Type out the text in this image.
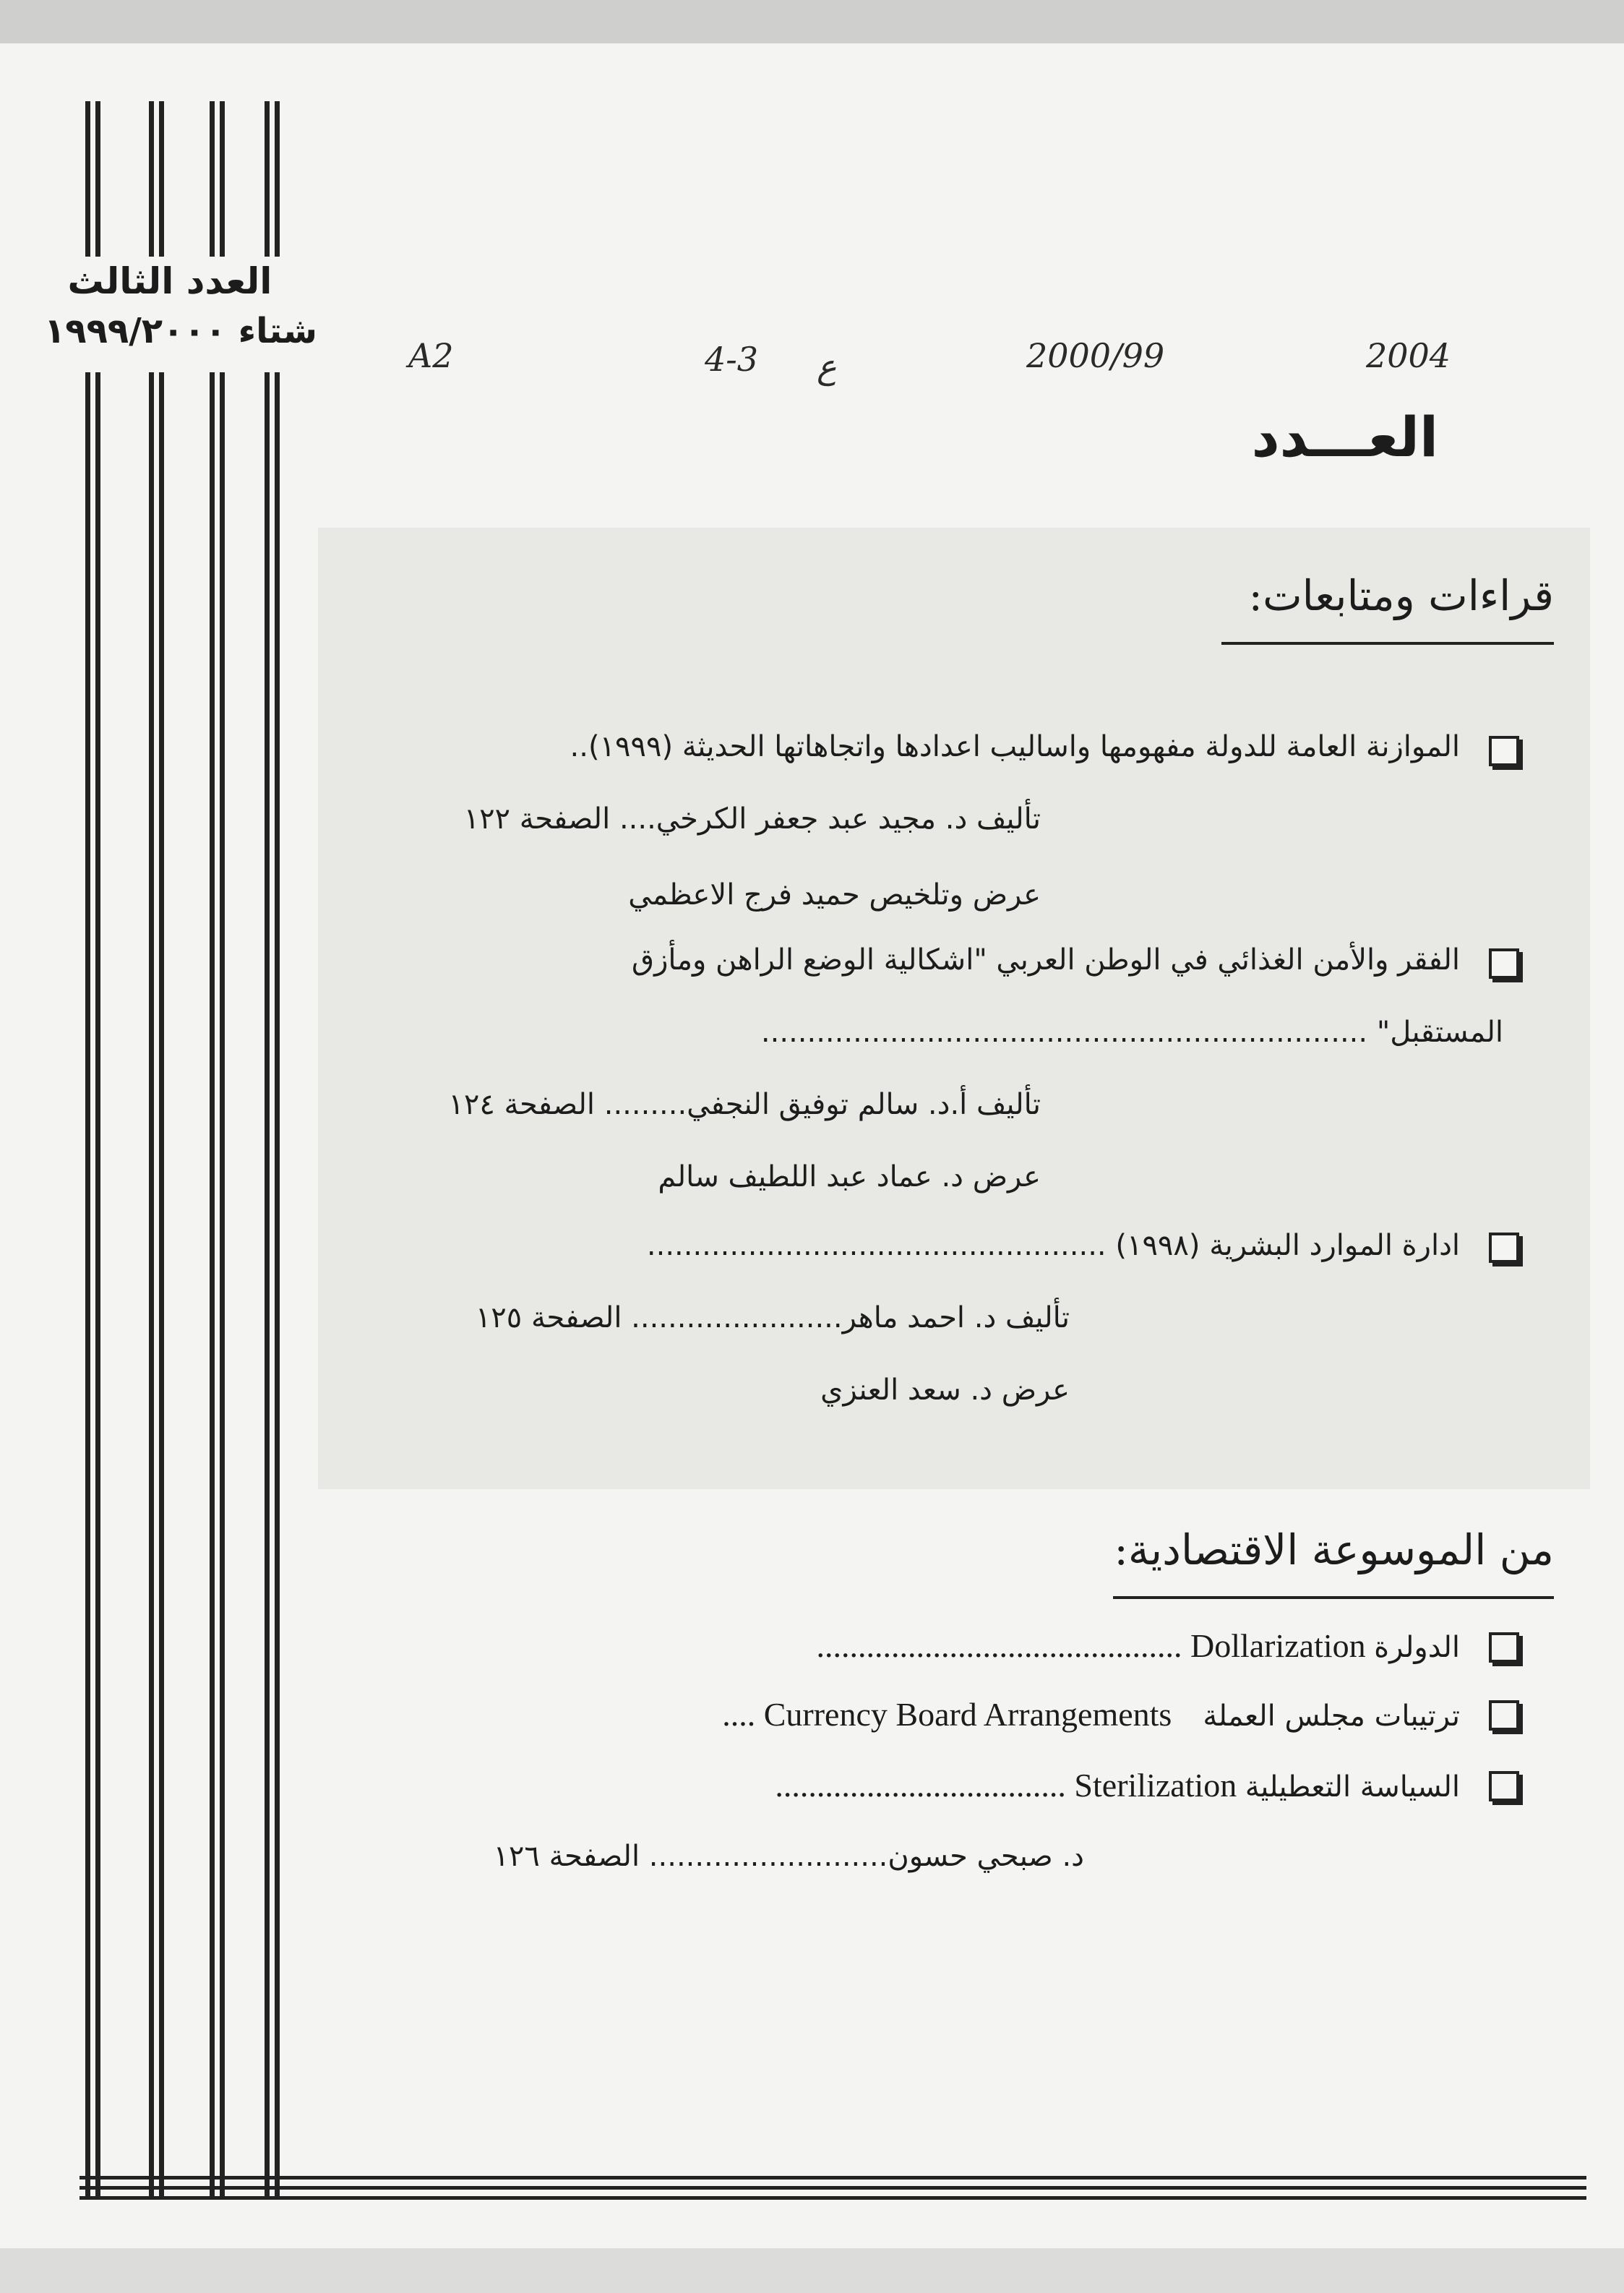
العدد الثالث
شتاء ١٩٩٩/٢٠٠٠
A2	4-3 ع	2000/99	2004
العـــدد
قراءات ومتابعات:
الموازنة العامة للدولة مفهومها واساليب اعدادها واتجاهاتها الحديثة (١٩٩٩)..
تأليف د. مجيد عبد جعفر الكرخي.... الصفحة ١٢٢
عرض وتلخيص حميد فرج الاعظمي
الفقر والأمن الغذائي في الوطن العربي "اشكالية الوضع الراهن ومأزق
المستقبل" ..................................................................
تأليف أ.د. سالم توفيق النجفي......... الصفحة ١٢٤
عرض د. عماد عبد اللطيف سالم
ادارة الموارد البشرية (١٩٩٨) ..................................................
تأليف د. احمد ماهر....................... الصفحة ١٢٥
عرض د. سعد العنزي
من الموسوعة الاقتصادية:
الدولرة Dollarization ............................................
ترتيبات مجلس العملة  Currency Board Arrangements ....
السياسة التعطيلية Sterilization ...................................
د. صبحي حسون.......................... الصفحة ١٢٦
